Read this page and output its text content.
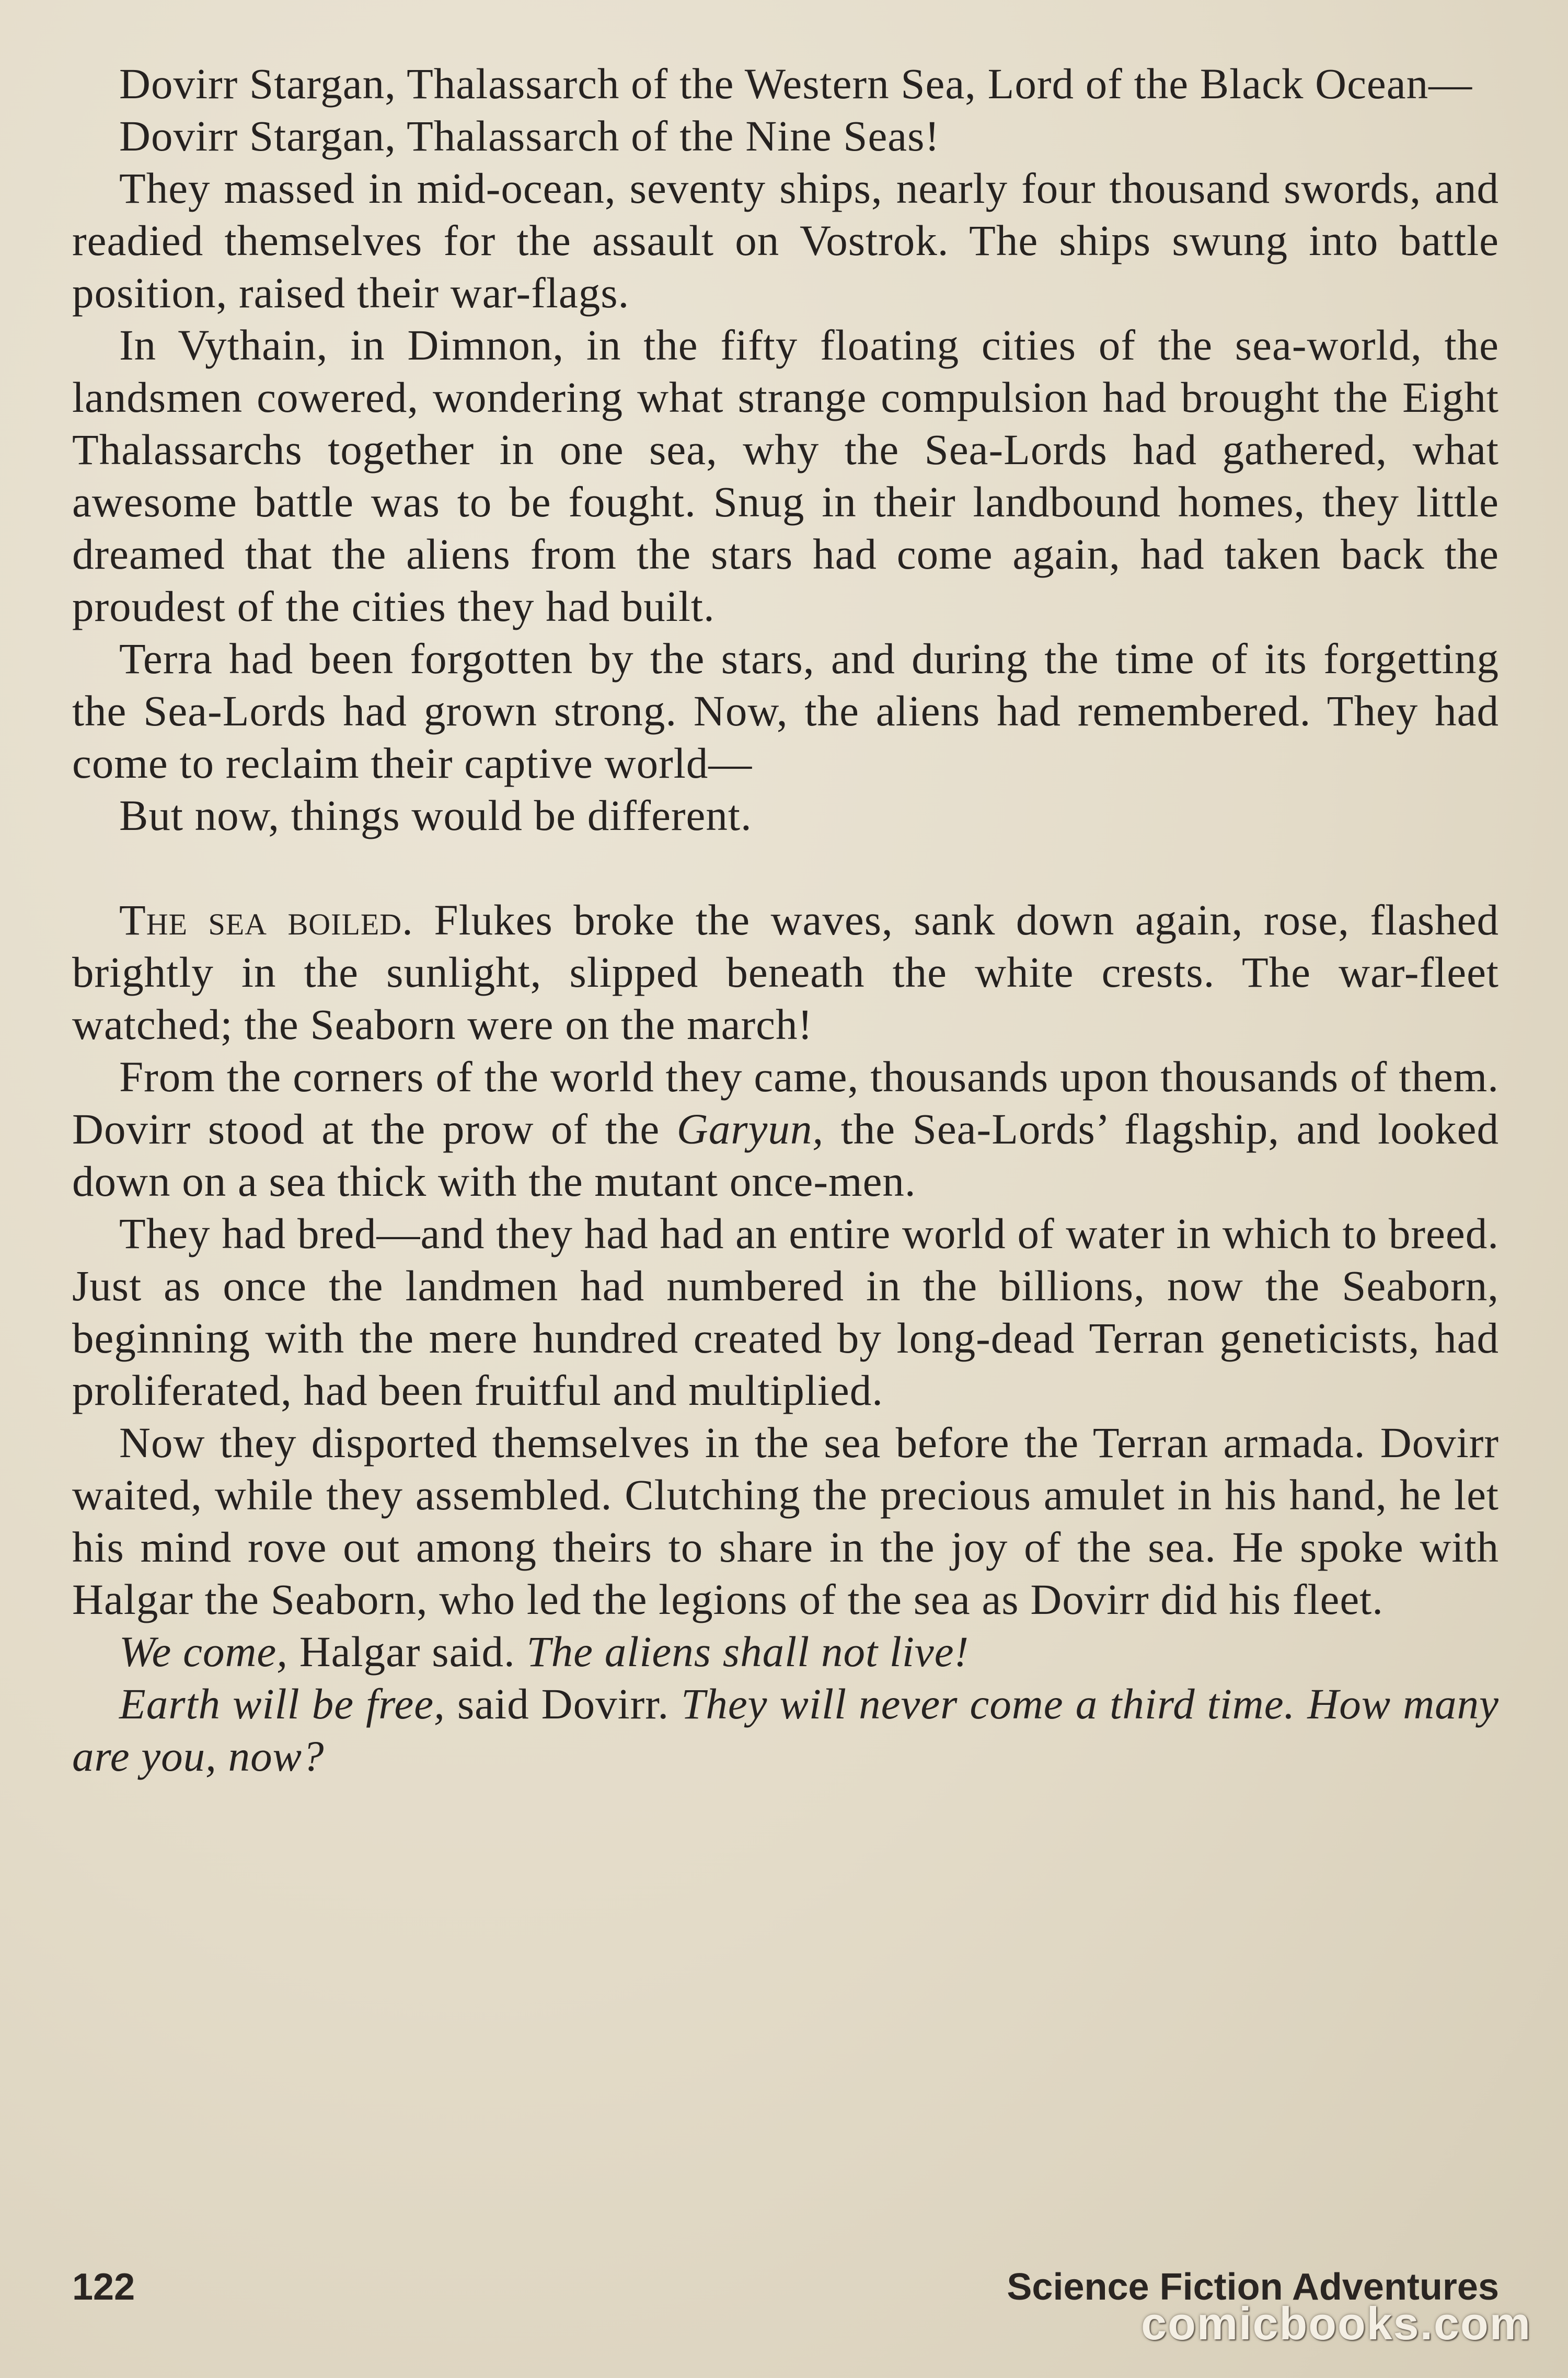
Dovirr Stargan, Thalassarch of the Western Sea, Lord of the Black Ocean—

Dovirr Stargan, Thalassarch of the Nine Seas!

They massed in mid-ocean, seventy ships, nearly four thousand swords, and readied themselves for the assault on Vostrok. The ships swung into battle position, raised their war-flags.

In Vythain, in Dimnon, in the fifty floating cities of the sea-world, the landsmen cowered, wondering what strange compulsion had brought the Eight Thalassarchs together in one sea, why the Sea-Lords had gathered, what awesome battle was to be fought. Snug in their landbound homes, they little dreamed that the aliens from the stars had come again, had taken back the proudest of the cities they had built.

Terra had been forgotten by the stars, and during the time of its forgetting the Sea-Lords had grown strong. Now, the aliens had remembered. They had come to reclaim their captive world—

But now, things would be different.

The sea boiled. Flukes broke the waves, sank down again, rose, flashed brightly in the sunlight, slipped beneath the white crests. The war-fleet watched; the Seaborn were on the march!

From the corners of the world they came, thousands upon thousands of them. Dovirr stood at the prow of the Garyun, the Sea-Lords’ flagship, and looked down on a sea thick with the mutant once-men.

They had bred—and they had had an entire world of water in which to breed. Just as once the landmen had numbered in the billions, now the Seaborn, beginning with the mere hundred created by long-dead Terran geneticists, had proliferated, had been fruitful and multiplied.

Now they disported themselves in the sea before the Terran armada. Dovirr waited, while they assembled. Clutching the precious amulet in his hand, he let his mind rove out among theirs to share in the joy of the sea. He spoke with Halgar the Seaborn, who led the legions of the sea as Dovirr did his fleet.

We come, Halgar said. The aliens shall not live!

Earth will be free, said Dovirr. They will never come a third time. How many are you, now?

122	Science Fiction Adventures
comicbooks.com
